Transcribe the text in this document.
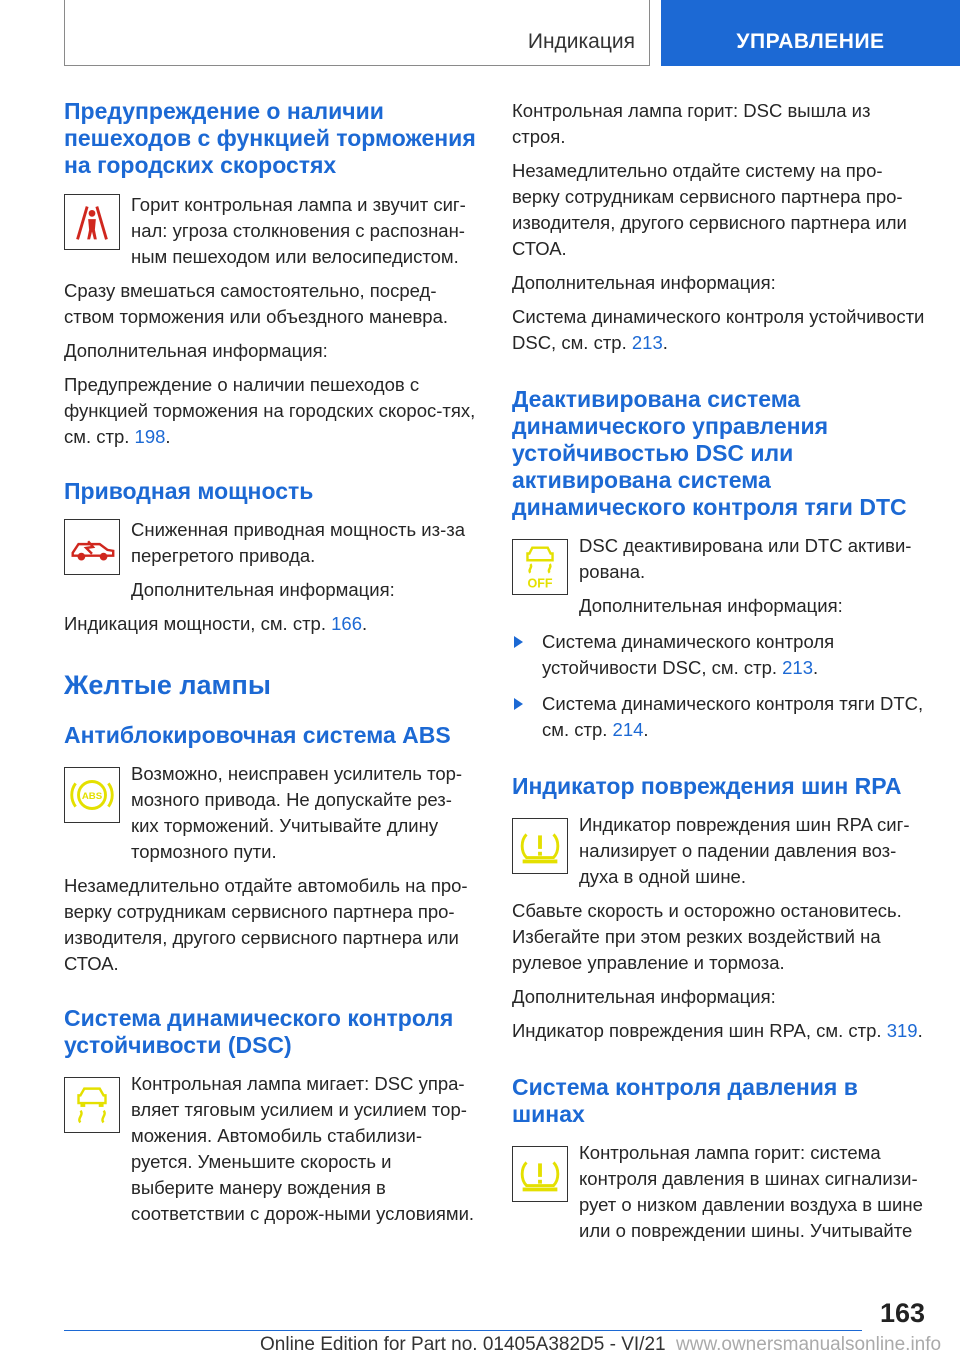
Индикация	УПРАВЛЕНИЕ
Предупреждение о наличии пешеходов с функцией торможения на городских скоростях

Горит контрольная лампа и звучит сиг-нал: угроза столкновения с распознан-ным пешеходом или велосипедистом.

Сразу вмешаться самостоятельно, посред-ством торможения или объездного маневра.

Дополнительная информация:

Предупреждение о наличии пешеходов с функцией торможения на городских скорос-тях, см. стр. 198.

Приводная мощность

Сниженная приводная мощность из-за перегретого привода.

Дополнительная информация:

Индикация мощности, см. стр. 166.

Желтые лампы
Антиблокировочная система ABS
ABS

Возможно, неисправен усилитель тор-мозного привода. Не допускайте рез-ких торможений. Учитывайте длину тормозного пути.

Незамедлительно отдайте автомобиль на про-верку сотрудникам сервисного партнера про-изводителя, другого сервисного партнера или СТОА.

Система динамического контроля устойчивости (DSC)

Контрольная лампа мигает: DSC упра-вляет тяговым усилием и усилием тор-можения. Автомобиль стабилизи-руется. Уменьшите скорость и выберите манеру вождения в соответствии с дорож-ными условиями.

Контрольная лампа горит: DSC вышла из строя.

Незамедлительно отдайте систему на про-верку сотрудникам сервисного партнера про-изводителя, другого сервисного партнера или СТОА.

Дополнительная информация:

Система динамического контроля устойчивости DSC, см. стр. 213.

Деактивирована система динамического управления устойчивостью DSC или активирована система динамического контроля тяги DTC
OFF

DSC деактивирована или DTC активи-рована.

Дополнительная информация:

Система динамического контроля устойчивости DSC, см. стр. 213.
Система динамического контроля тяги DTC, см. стр. 214.
Индикатор повреждения шин RPA

Индикатор повреждения шин RPA сиг-нализирует о падении давления воз-духа в одной шине.

Сбавьте скорость и осторожно остановитесь. Избегайте при этом резких воздействий на рулевое управление и тормоза.

Дополнительная информация:

Индикатор повреждения шин RPA, см. стр. 319.

Система контроля давления в шинах

Контрольная лампа горит: система контроля давления в шинах сигнализи-рует о низком давлении воздуха в шине или о повреждении шины. Учитывайте

163
Online Edition for Part no. 01405A382D5 - VI/21 www.ownersmanualsonline.info
